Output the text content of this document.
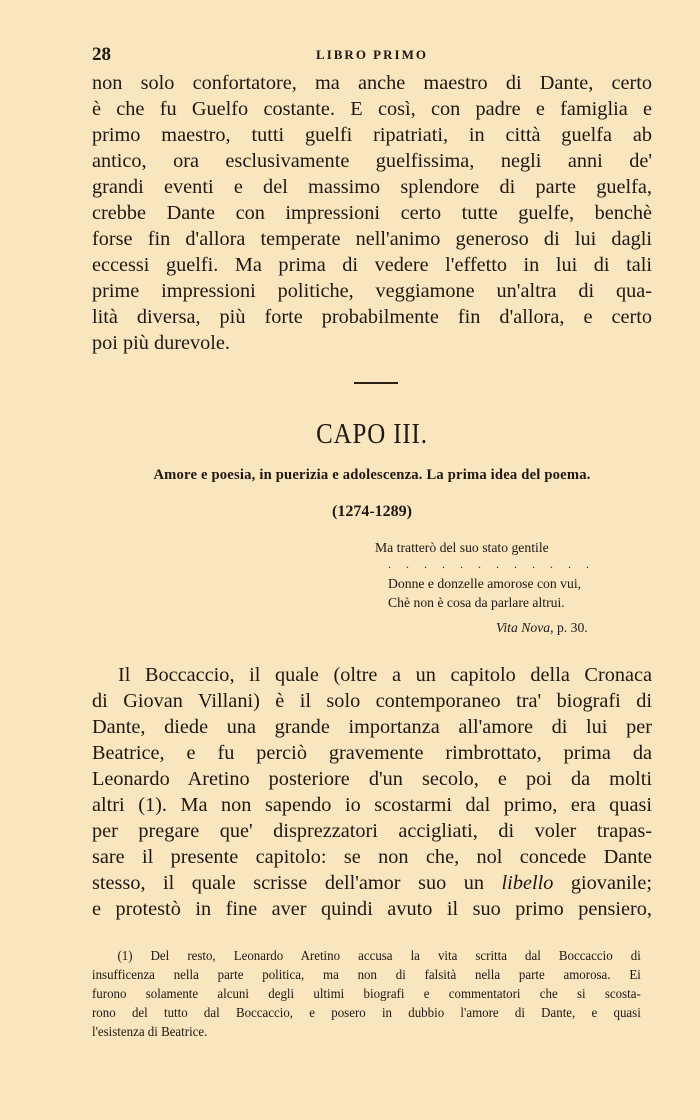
28	LIBRO PRIMO
non solo confortatore, ma anche maestro di Dante, certo
è che fu Guelfo costante. E così, con padre e famiglia e
primo maestro, tutti guelfi ripatriati, in città guelfa ab
antico, ora esclusivamente guelfissima, negli anni de'
grandi eventi e del massimo splendore di parte guelfa,
crebbe Dante con impressioni certo tutte guelfe, benchè
forse fin d'allora temperate nell'animo generoso di lui dagli
eccessi guelfi. Ma prima di vedere l'effetto in lui di tali
prime impressioni politiche, veggiamone un'altra di qua-
lità diversa, più forte probabilmente fin d'allora, e certo
poi più durevole.
CAPO III.
Amore e poesia, in puerizia e adolescenza. La prima idea del poema.
(1274-1289)
Ma tratterò del suo stato gentile
. . . . . . . . . . . .
Donne e donzelle amorose con vui,
Chè non è cosa da parlare altrui.
Vita Nova, p. 30.
Il Boccaccio, il quale (oltre a un capitolo della Cronaca
di Giovan Villani) è il solo contemporaneo tra' biografi di
Dante, diede una grande importanza all'amore di lui per
Beatrice, e fu perciò gravemente rimbrottato, prima da
Leonardo Aretino posteriore d'un secolo, e poi da molti
altri (1). Ma non sapendo io scostarmi dal primo, era quasi
per pregare que' disprezzatori accigliati, di voler trapas-
sare il presente capitolo: se non che, nol concede Dante
stesso, il quale scrisse dell'amor suo un libello giovanile;
e protestò in fine aver quindi avuto il suo primo pensiero,
(1) Del resto, Leonardo Aretino accusa la vita scritta dal Boccaccio di
insufficenza nella parte politica, ma non di falsità nella parte amorosa. Ei
furono solamente alcuni degli ultimi biografi e commentatori che si scosta-
rono del tutto dal Boccaccio, e posero in dubbio l'amore di Dante, e quasi
l'esistenza di Beatrice.
